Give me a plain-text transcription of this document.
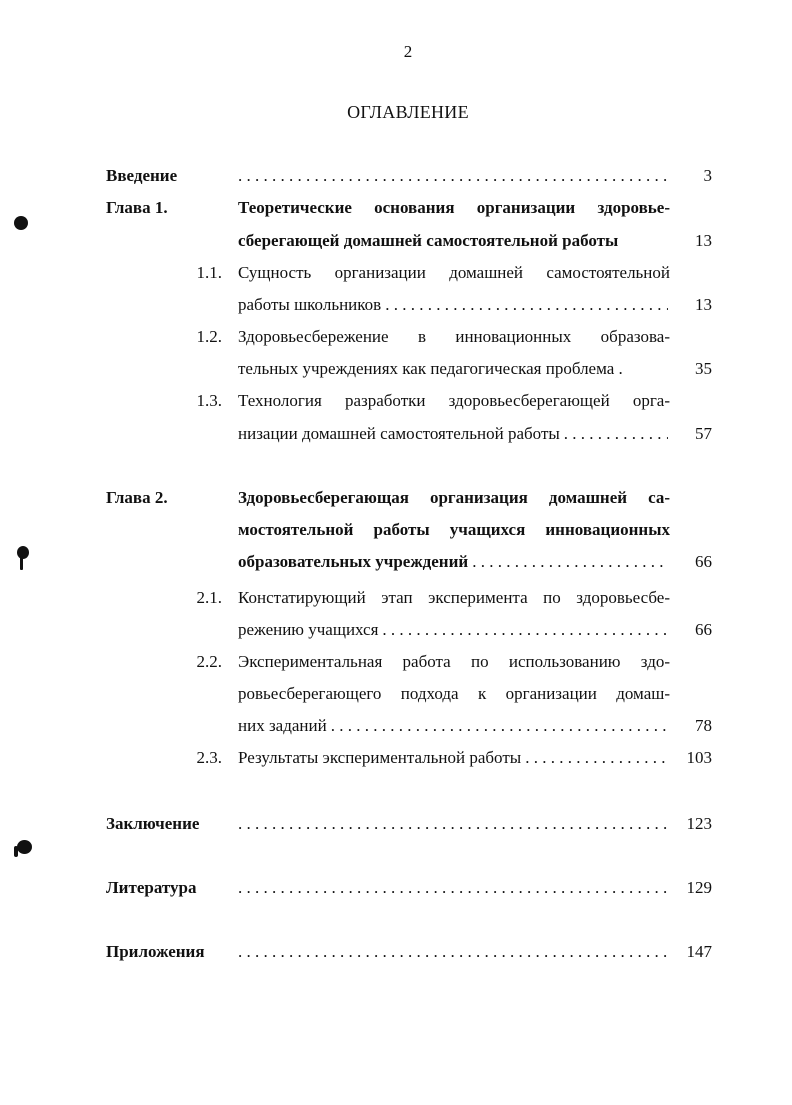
2
ОГЛАВЛЕНИЕ
Введение . . .	3
Глава 1.	Теоретические основания организации здоровье-
сберегающей домашней самостоятельной работы	13
1.1. Сущность организации домашней самостоятельной
работы школьников . . .	13
1.2. Здоровьесбережение в инновационных образова-
тельных учреждениях как педагогическая проблема .	35
1.3. Технология разработки здоровьесберегающей орга-
низации домашней самостоятельной работы . . .	57
Глава 2.	Здоровьесберегающая организация домашней са-
мостоятельной работы учащихся инновационных
образовательных учреждений . . .	66
2.1. Констатирующий этап эксперимента по здоровьесбе-
режению учащихся . . .	66
2.2. Экспериментальная работа по использованию здо-
ровьесберегающего подхода к организации домаш-
них заданий . . .	78
2.3. Результаты экспериментальной работы . . .	103
Заключение . . .	123
Литература . . .	129
Приложения . . .	147
